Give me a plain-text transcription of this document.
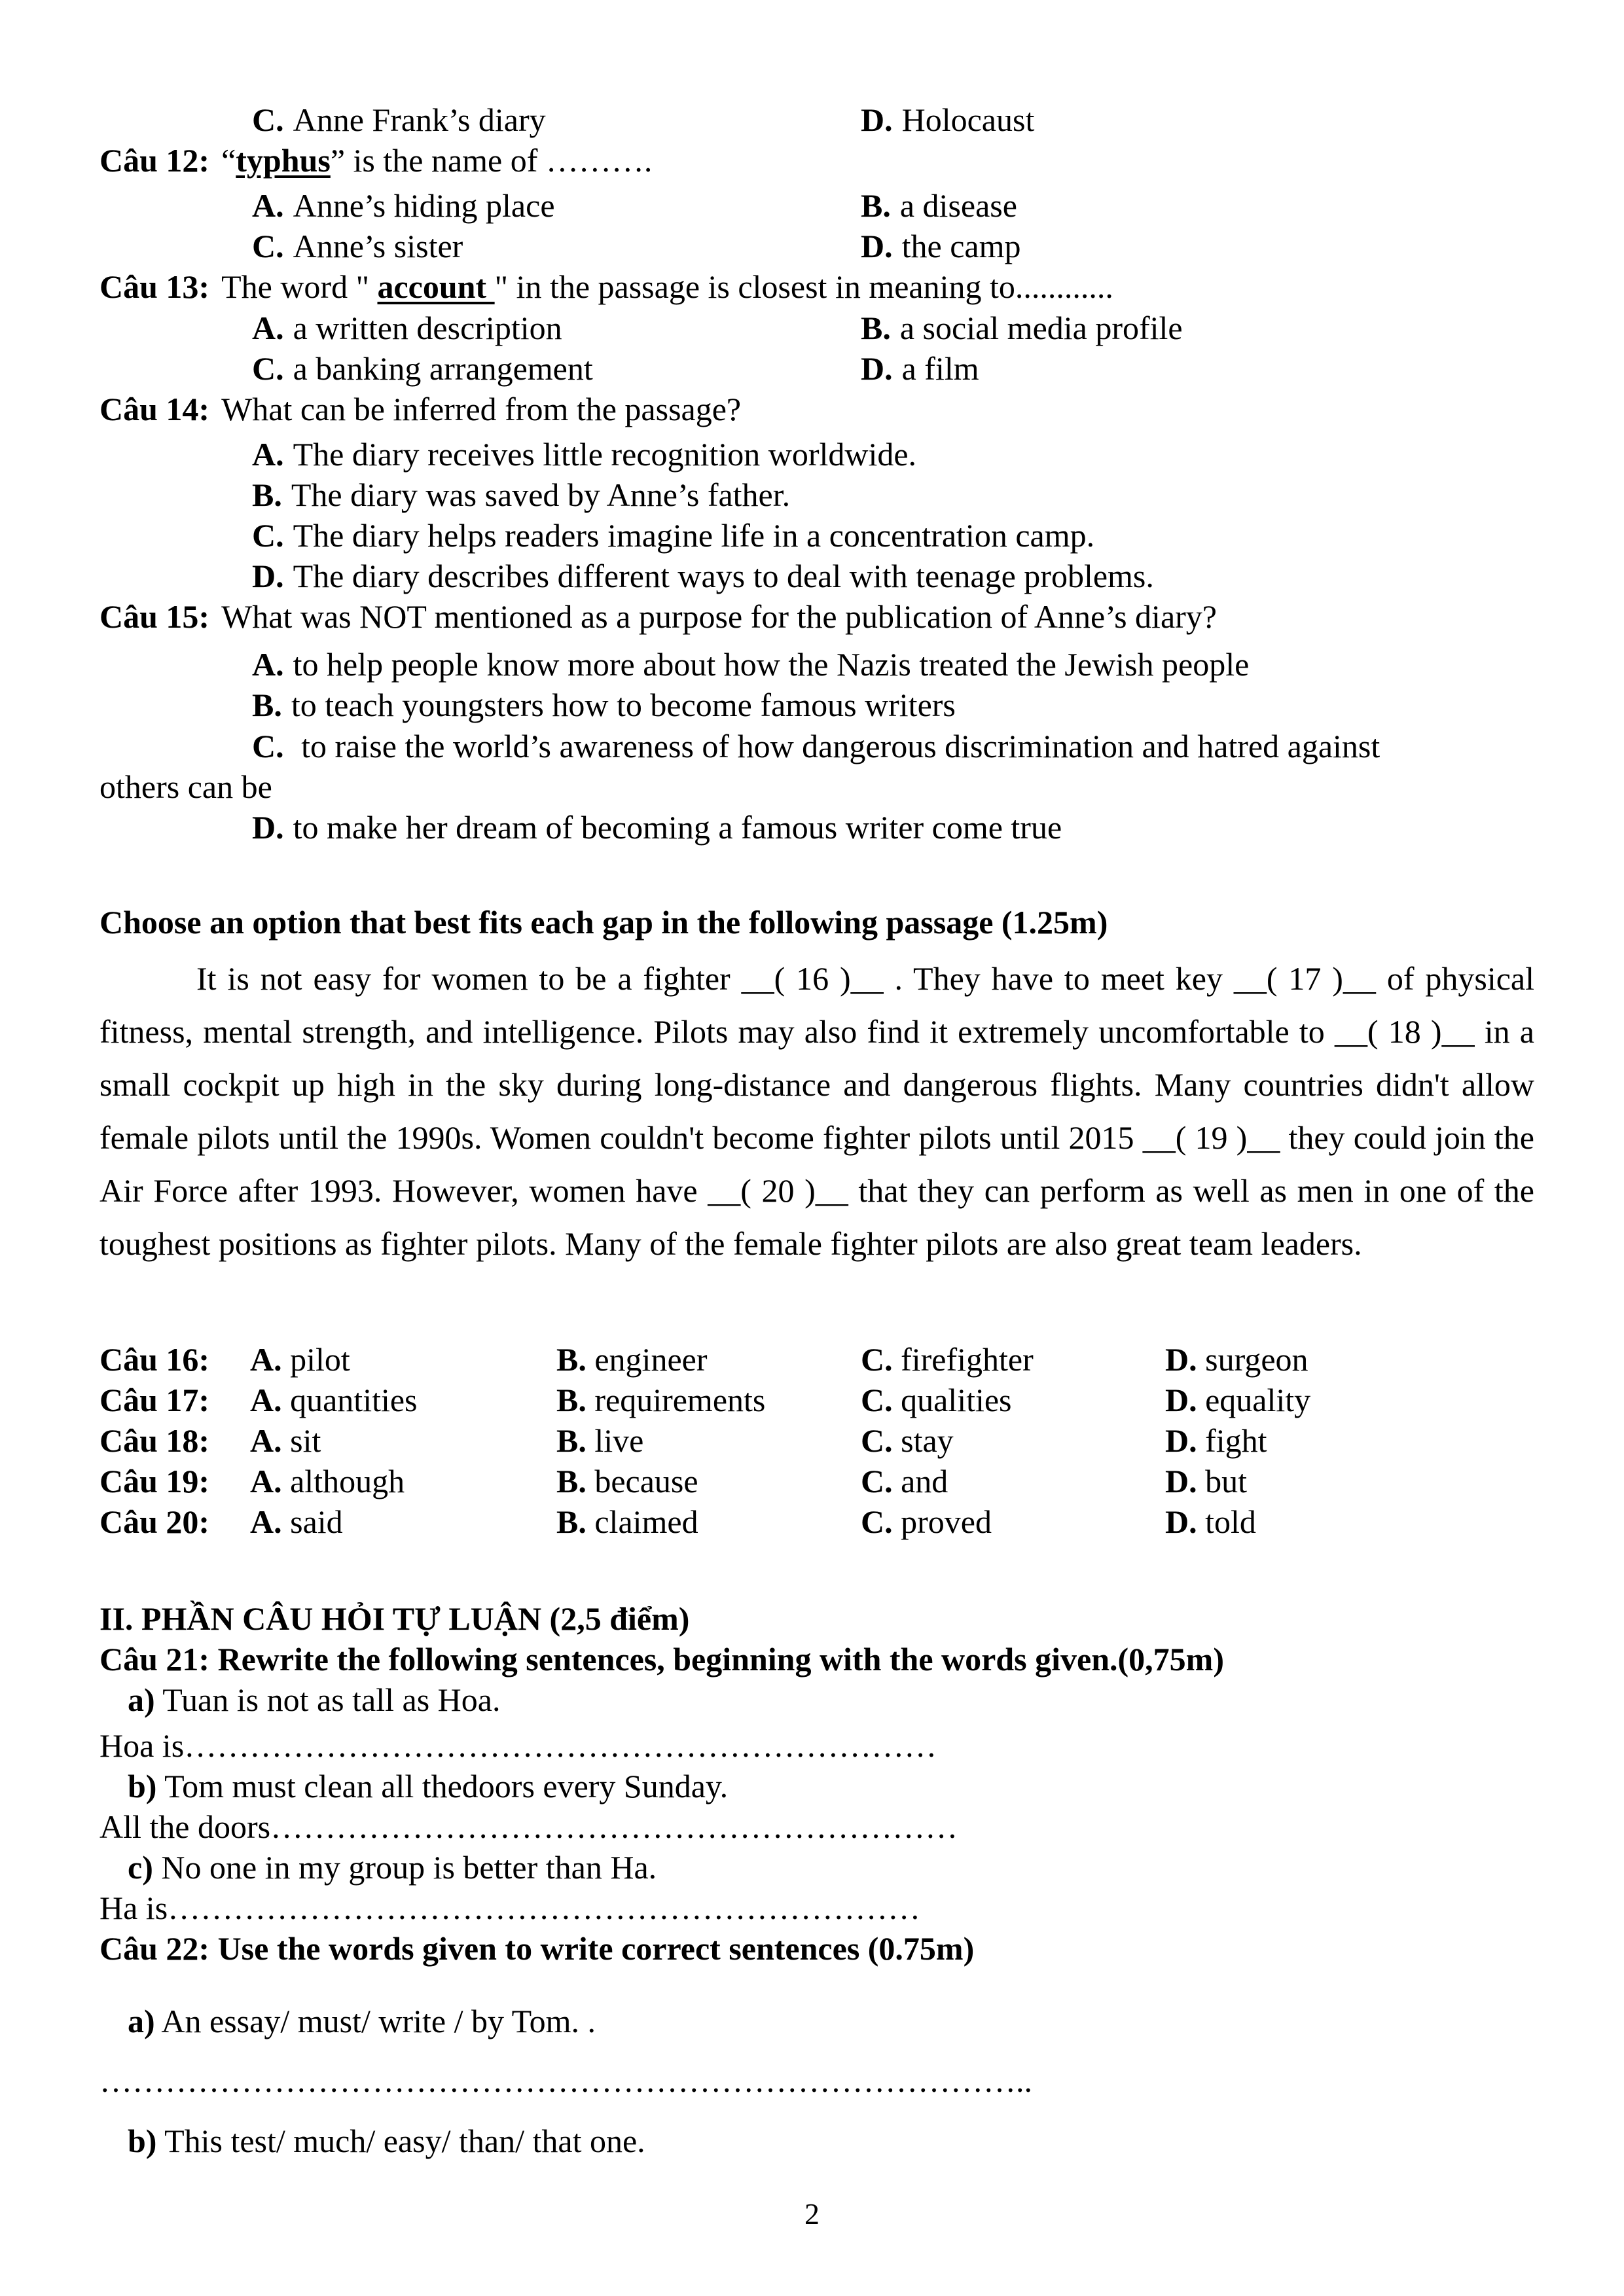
C. Anne Frank’s diary	D. Holocaust
Câu 12: “typhus” is the name of ……….
A. Anne’s hiding place	B. a disease
C. Anne’s sister	D. the camp
Câu 13: The word " account " in the passage is closest in meaning to............
A. a written description	B. a social media profile
C. a banking arrangement	D. a film
Câu 14: What can be inferred from the passage?
A. The diary receives little recognition worldwide.
B. The diary was saved by Anne’s father.
C. The diary helps readers imagine life in a concentration camp.
D. The diary describes different ways to deal with teenage problems.
Câu 15: What was NOT mentioned as a purpose for the publication of Anne’s diary?
A. to help people know more about how the Nazis treated the Jewish people
B. to teach youngsters how to become famous writers
C. to raise the world’s awareness of how dangerous discrimination and hatred against
others can be
D. to make her dream of becoming a famous writer come true
Choose an option that best fits each gap in the following passage (1.25m)

It is not easy for women to be a fighter __( 16 )__ . They have to meet key __( 17 )__ of physical fitness, mental strength, and intelligence. Pilots may also find it extremely uncomfortable to __( 18 )__ in a small cockpit up high in the sky during long-distance and dangerous flights. Many countries didn't allow female pilots until the 1990s. Women couldn't become fighter pilots until 2015 __( 19 )__ they could join the Air Force after 1993. However, women have __( 20 )__ that they can perform as well as men in one of the toughest positions as fighter pilots. Many of the female fighter pilots are also great team leaders.

Câu 16: A. pilot	B. engineer	C. firefighter	D. surgeon
Câu 17: A. quantities	B. requirements	C. qualities	D. equality
Câu 18: A. sit	B. live	C. stay	D. fight
Câu 19: A. although	B. because	C. and	D. but
Câu 20: A. said	B. claimed	C. proved	D. told
II. PHẦN CÂU HỎI TỰ LUẬN (2,5 điểm)
Câu 21: Rewrite the following sentences, beginning with the words given.(0,75m)
a) Tuan is not as tall as Hoa.
Hoa is……………………………………………………………
b) Tom must clean all thedoors every Sunday.
All the doors………………………………………………………
c) No one in my group is better than Ha.
Ha is……………………………………………………………
Câu 22: Use the words given to write correct sentences (0.75m)
a) An essay/ must/ write / by Tom. .
…………………………………………………………………………..
b) This test/ much/ easy/ than/ that one.
2
